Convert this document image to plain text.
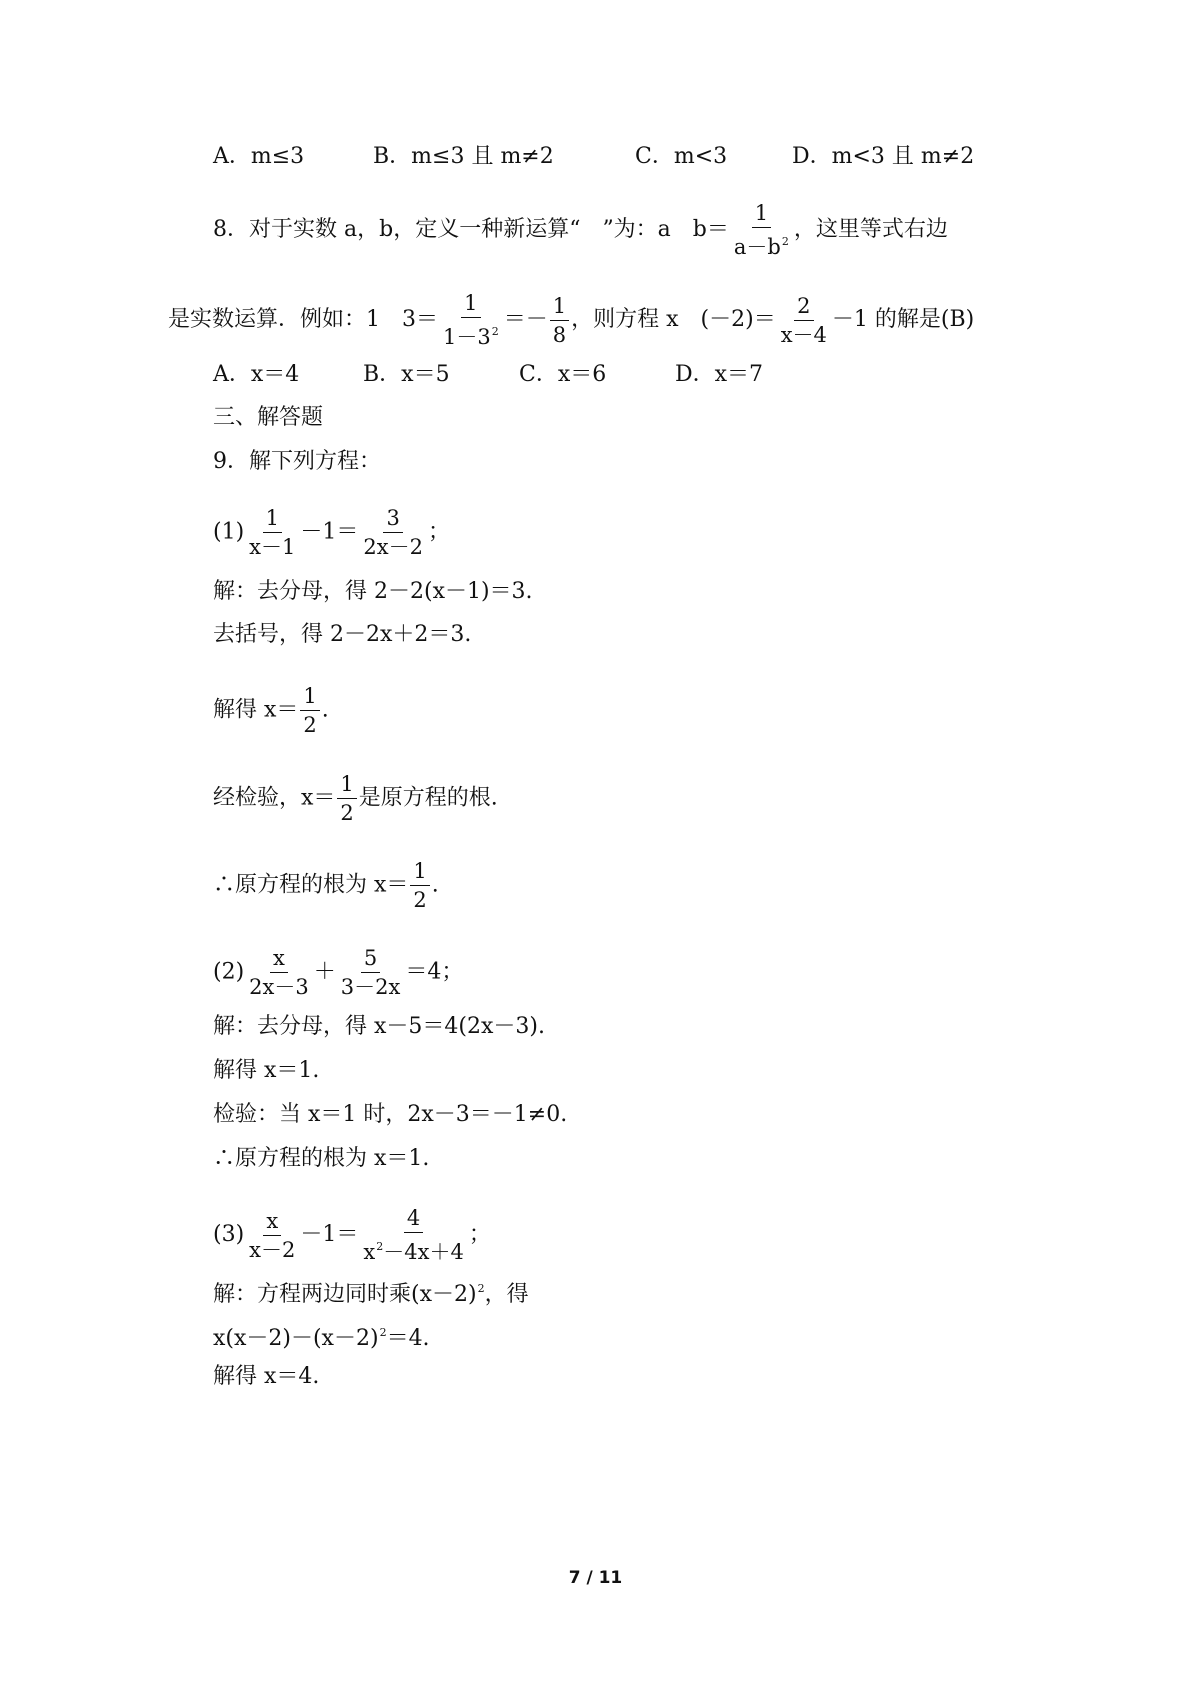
A．m≤3	B．m≤3 且 m≠2	C．m<3	D．m<3 且 m≠2
8．对于实数 a，b，定义一种新运算“　”为：a　$b= \frac{1}{a-b^2}$ ，这里等式右边
是实数运算．例如：1　$3= \frac{1}{1-3^2} =- \frac{1}{8}$ ，则方程 x　$(-2)= \frac{2}{x-4} -1$ 的解是(B)
A．x＝4	B．x＝5	C．x＝6	D．x＝7
三、解答题
9．解下列方程：
$(1) \frac{1}{x-1} -1= \frac{3}{2x-2}$ ；
解：去分母，得 2－2(x－1)＝3.
去括号，得 2－2x＋2＝3.
解得 $x= \frac{1}{2}$ .
经检验，$x= \frac{1}{2}$ 是原方程的根.
∴原方程的根为 $x= \frac{1}{2}$ .
$(2) \frac{x}{2x-3} + \frac{5}{3-2x} =4$；
解：去分母，得 x－5＝4(2x－3).
解得 x＝1.
检验：当 x＝1 时，2x－3＝－1≠0.
∴原方程的根为 x＝1.
$(3) \frac{x}{x-2} -1= \frac{4}{x^2-4x+4}$ ；
解：方程两边同时乘$(x-2)^2$，得
$x(x-2)-(x-2)^2=4$.
解得 x＝4.
7 / 11
